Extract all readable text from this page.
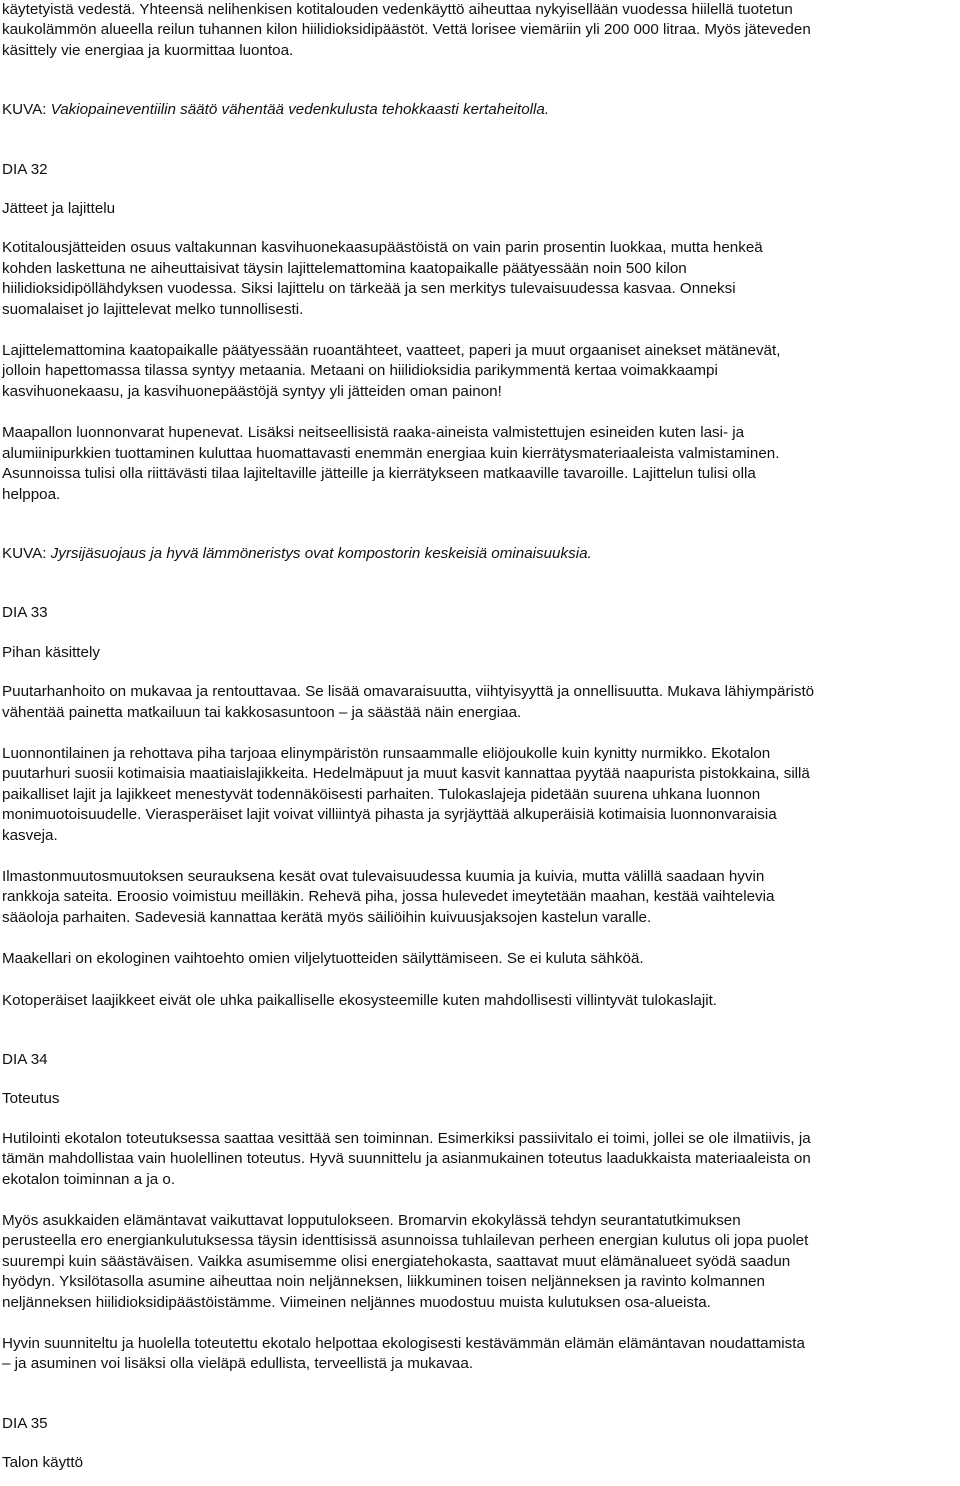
käytetyistä vedestä. Yhteensä nelihenkisen kotitalouden vedenkäyttö aiheuttaa nykyisellään vuodessa hiilellä tuotetun

kaukolämmön alueella reilun tuhannen kilon hiilidioksidipäästöt. Vettä lorisee viemäriin yli 200 000 litraa. Myös jäteveden

käsittely vie energiaa ja kuormittaa luontoa.

KUVA: Vakiopaineventiilin säätö vähentää vedenkulusta tehokkaasti kertaheitolla.

DIA 32

Jätteet ja lajittelu

Kotitalousjätteiden osuus valtakunnan kasvihuonekaasupäästöistä on vain parin prosentin luokkaa, mutta henkeä

kohden laskettuna ne aiheuttaisivat täysin lajittelemattomina kaatopaikalle päätyessään noin 500 kilon

hiilidioksidipöllähdyksen vuodessa. Siksi lajittelu on tärkeää ja sen merkitys tulevaisuudessa kasvaa. Onneksi

suomalaiset jo lajittelevat melko tunnollisesti.

Lajittelemattomina kaatopaikalle päätyessään ruoantähteet, vaatteet, paperi ja muut orgaaniset ainekset mätänevät,

jolloin hapettomassa tilassa syntyy metaania. Metaani on hiilidioksidia parikymmentä kertaa voimakkaampi

kasvihuonekaasu, ja kasvihuonepäästöjä syntyy yli jätteiden oman painon!

Maapallon luonnonvarat hupenevat. Lisäksi neitseellisistä raaka-aineista valmistettujen esineiden kuten lasi- ja

alumiinipurkkien tuottaminen kuluttaa huomattavasti enemmän energiaa kuin kierrätysmateriaaleista valmistaminen.

Asunnoissa tulisi olla riittävästi tilaa lajiteltaville jätteille ja kierrätykseen matkaaville tavaroille. Lajittelun tulisi olla

helppoa.

KUVA: Jyrsijäsuojaus ja hyvä lämmöneristys ovat kompostorin keskeisiä ominaisuuksia.

DIA 33

Pihan käsittely

Puutarhanhoito on mukavaa ja rentouttavaa. Se lisää omavaraisuutta, viihtyisyyttä ja onnellisuutta. Mukava lähiympäristö

vähentää painetta matkailuun tai kakkosasuntoon – ja säästää näin energiaa.

Luonnontilainen ja rehottava piha tarjoaa elinympäristön runsaammalle eliöjoukolle kuin kynitty nurmikko. Ekotalon

puutarhuri suosii kotimaisia maatiaislajikkeita. Hedelmäpuut ja muut kasvit kannattaa pyytää naapurista pistokkaina, sillä

paikalliset lajit ja lajikkeet menestyvät todennäköisesti parhaiten. Tulokaslajeja pidetään suurena uhkana luonnon

monimuotoisuudelle. Vierasperäiset lajit voivat villiintyä pihasta ja syrjäyttää alkuperäisiä kotimaisia luonnonvaraisia

kasveja.

Ilmastonmuutosmuutoksen seurauksena kesät ovat tulevaisuudessa kuumia ja kuivia, mutta välillä saadaan hyvin

rankkoja sateita. Eroosio voimistuu meilläkin. Rehevä piha, jossa hulevedet imeytetään maahan, kestää vaihtelevia

sääoloja parhaiten. Sadevesiä kannattaa kerätä myös säiliöihin kuivuusjaksojen kastelun varalle.

Maakellari on ekologinen vaihtoehto omien viljelytuotteiden säilyttämiseen. Se ei kuluta sähköä.

Kotoperäiset laajikkeet eivät ole uhka paikalliselle ekosysteemille kuten mahdollisesti villintyvät tulokaslajit.

DIA 34

Toteutus

Hutilointi ekotalon toteutuksessa saattaa vesittää sen toiminnan. Esimerkiksi passiivitalo ei toimi, jollei se ole ilmatiivis, ja

tämän mahdollistaa vain huolellinen toteutus. Hyvä suunnittelu ja asianmukainen toteutus laadukkaista materiaaleista on

ekotalon toiminnan a ja o.

Myös asukkaiden elämäntavat vaikuttavat lopputulokseen. Bromarvin ekokylässä tehdyn seurantatutkimuksen

perusteella ero energiankulutuksessa täysin identtisissä asunnoissa tuhlailevan perheen energian kulutus oli jopa puolet

suurempi kuin säästäväisen. Vaikka asumisemme olisi energiatehokasta, saattavat muut elämänalueet syödä saadun

hyödyn. Yksilötasolla asumine aiheuttaa noin neljänneksen, liikkuminen toisen neljänneksen ja ravinto kolmannen

neljänneksen hiilidioksidipäästöistämme. Viimeinen neljännes muodostuu muista kulutuksen osa-alueista.

Hyvin suunniteltu ja huolella toteutettu ekotalo helpottaa ekologisesti kestävämmän elämän elämäntavan noudattamista

– ja asuminen voi lisäksi olla vieläpä edullista, terveellistä ja mukavaa.

DIA 35

Talon käyttö
